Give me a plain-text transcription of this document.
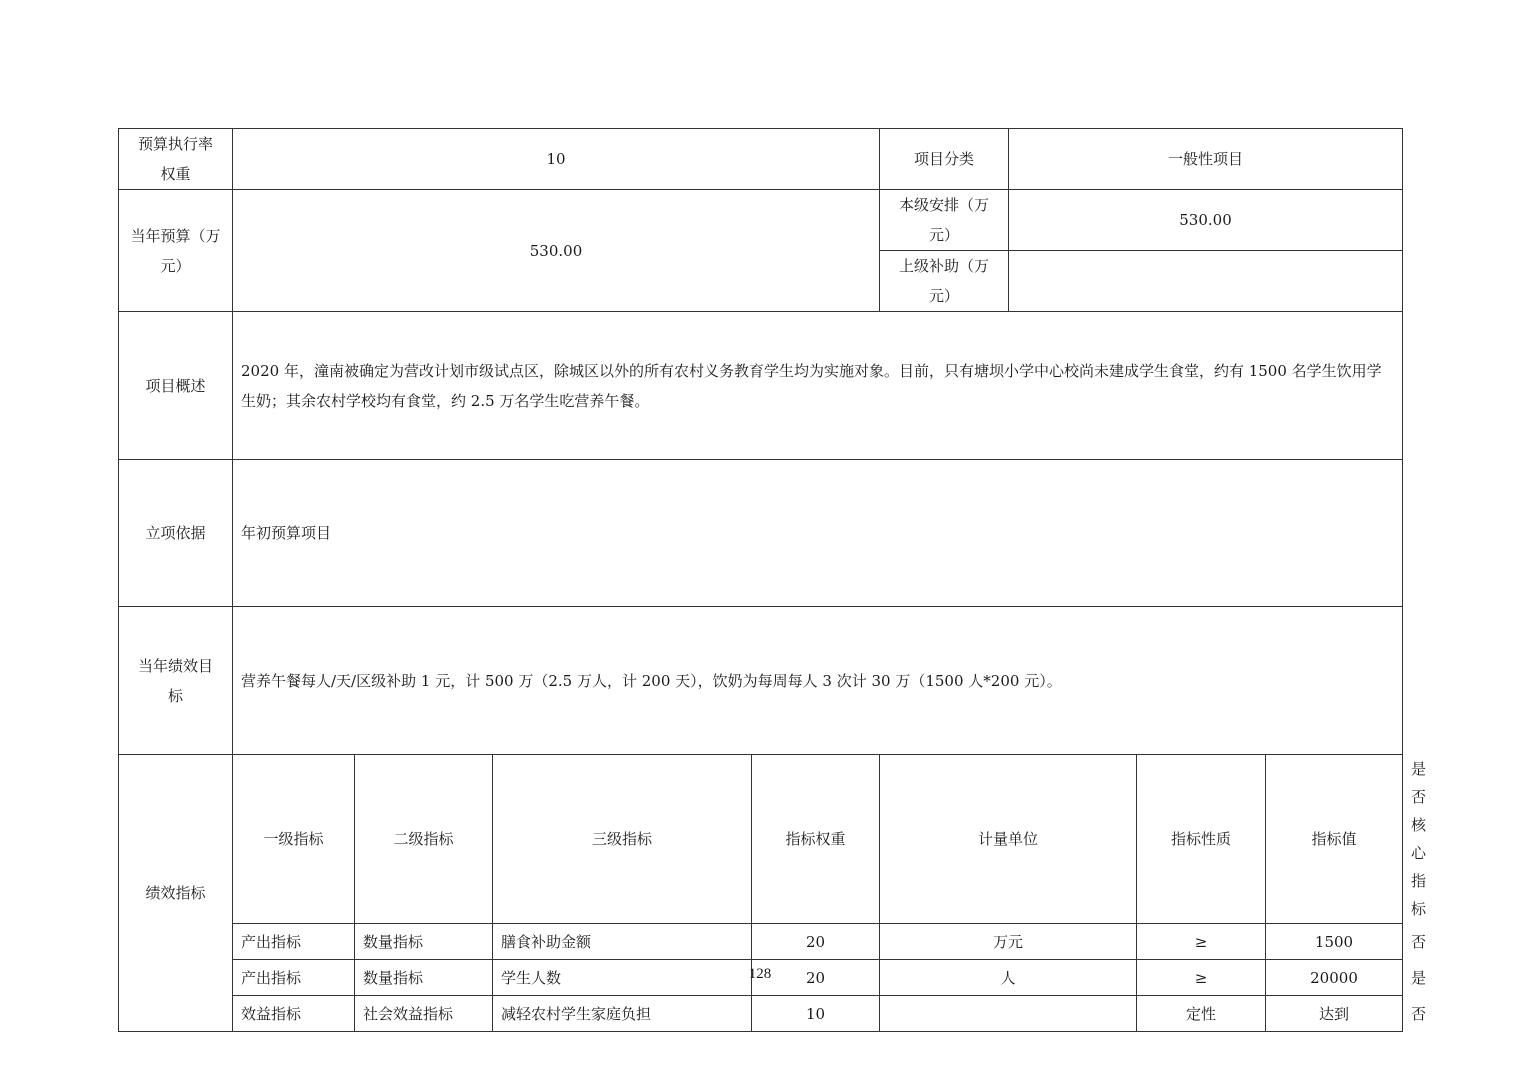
预算执行率权重	10				项目分类	一般性项目			
当年预算（万元）	530.00				本级安排（万元）	530.00			
					上级补助（万元）				
项目概述	2020 年，潼南被确定为营改计划市级试点区，除城区以外的所有农村义务教育学生均为实施对象。目前，只有塘坝小学中心校尚未建成学生食堂，约有 1500 名学生饮用学生奶；其余农村学校均有食堂，约 2.5 万名学生吃营养午餐。								
立项依据	年初预算项目								
当年绩效目标	营养午餐每人/天/区级补助 1 元，计 500 万（2.5 万人，计 200 天），饮奶为每周每人 3 次计 30 万（1500 人*200 元）。								
绩效指标	一级指标	二级指标	三级指标	指标权重	计量单位		指标性质	指标值	是否核心指标
	产出指标	数量指标	膳食补助金额	20	万元		≥	1500	否
	产出指标	数量指标	学生人数	20	人		≥	20000	是
	效益指标	社会效益指标	减轻农村学生家庭负担	10			定性	达到	否
128
